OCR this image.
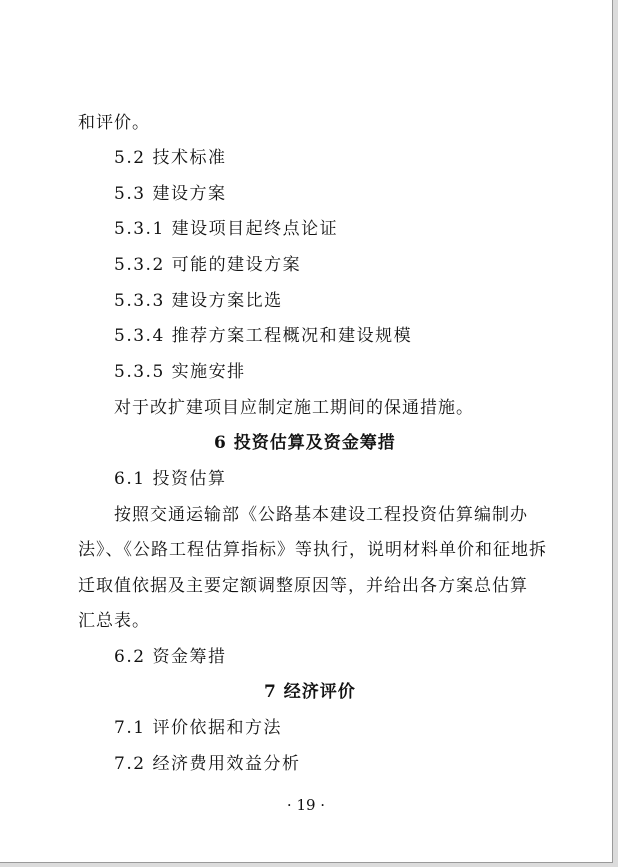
和评价。
5.2 技术标准
5.3 建设方案
5.3.1 建设项目起终点论证
5.3.2 可能的建设方案
5.3.3 建设方案比选
5.3.4 推荐方案工程概况和建设规模
5.3.5 实施安排
对于改扩建项目应制定施工期间的保通措施。
6 投资估算及资金筹措
6.1 投资估算
按照交通运输部《公路基本建设工程投资估算编制办
法》、《公路工程估算指标》等执行，说明材料单价和征地拆
迁取值依据及主要定额调整原因等，并给出各方案总估算
汇总表。
6.2 资金筹措
7 经济评价
7.1 评价依据和方法
7.2 经济费用效益分析
· 19 ·
